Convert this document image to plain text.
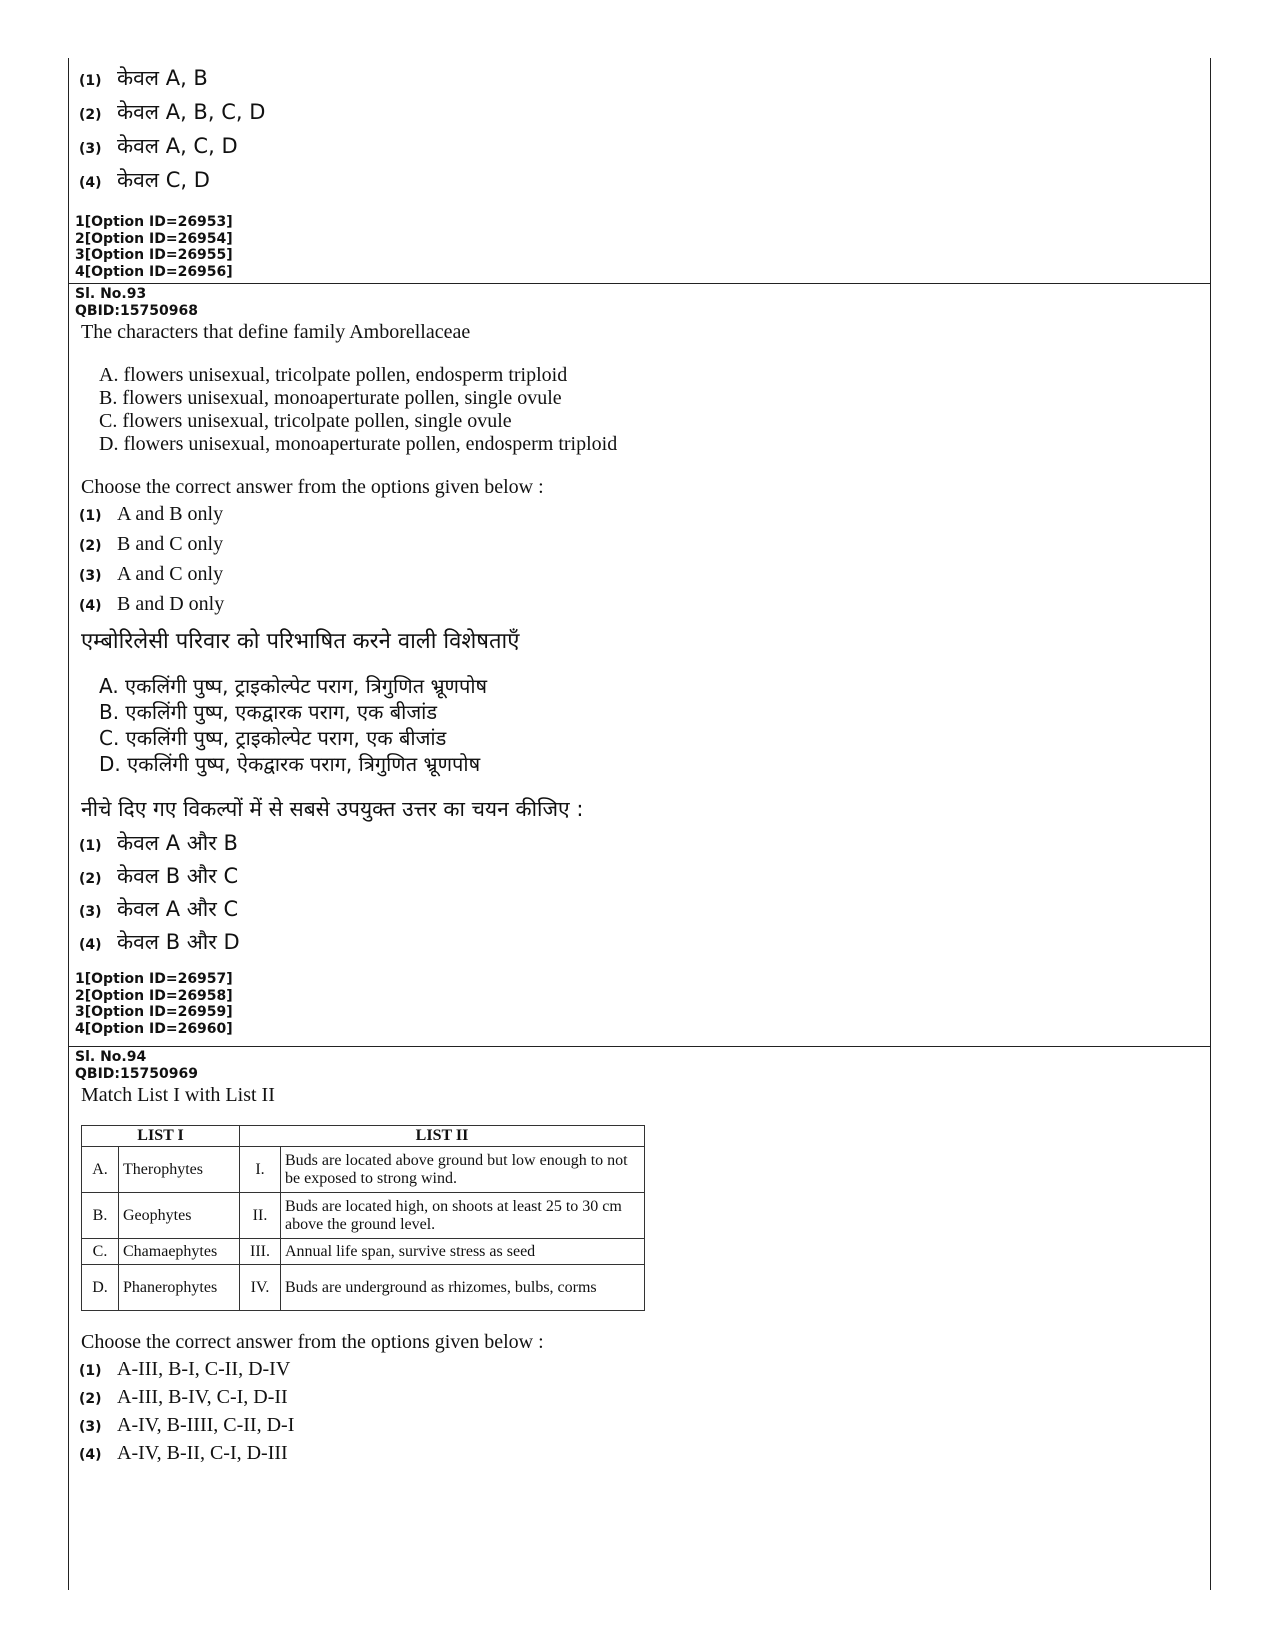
(1) केवल A, B
(2) केवल A, B, C, D
(3) केवल A, C, D
(4) केवल C, D
1[Option ID=26953]
2[Option ID=26954]
3[Option ID=26955]
4[Option ID=26956]
Sl. No.93
QBID:15750968
The characters that define family Amborellaceae
A. flowers unisexual, tricolpate pollen, endosperm triploid
B. flowers unisexual, monoaperturate pollen, single ovule
C. flowers unisexual, tricolpate pollen, single ovule
D. flowers unisexual, monoaperturate pollen, endosperm triploid
Choose the correct answer from the options given below :
(1) A and B only
(2) B and C only
(3) A and C only
(4) B and D only
एम्बोरिलेसी परिवार को परिभाषित करने वाली विशेषताएँ
A. एकलिंगी पुष्प, ट्राइकोल्पेट पराग, त्रिगुणित भ्रूणपोष
B. एकलिंगी पुष्प, एकद्वारक पराग, एक बीजांड
C. एकलिंगी पुष्प, ट्राइकोल्पेट पराग, एक बीजांड
D. एकलिंगी पुष्प, ऐकद्वारक पराग, त्रिगुणित भ्रूणपोष
नीचे दिए गए विकल्पों में से सबसे उपयुक्त उत्तर का चयन कीजिए :
(1) केवल A और B
(2) केवल B और C
(3) केवल A और C
(4) केवल B और D
1[Option ID=26957]
2[Option ID=26958]
3[Option ID=26959]
4[Option ID=26960]
Sl. No.94
QBID:15750969
Match List I with List II
LIST I		LIST II	
A.	Therophytes	I.	Buds are located above ground but low enough to not be exposed to strong wind.
B.	Geophytes	II.	Buds are located high, on shoots at least 25 to 30 cm above the ground level.
C.	Chamaephytes	III.	Annual life span, survive stress as seed
D.	Phanerophytes	IV.	Buds are underground as rhizomes, bulbs, corms
Choose the correct answer from the options given below :
(1) A-III, B-I, C-II, D-IV
(2) A-III, B-IV, C-I, D-II
(3) A-IV, B-IIII, C-II, D-I
(4) A-IV, B-II, C-I, D-III
